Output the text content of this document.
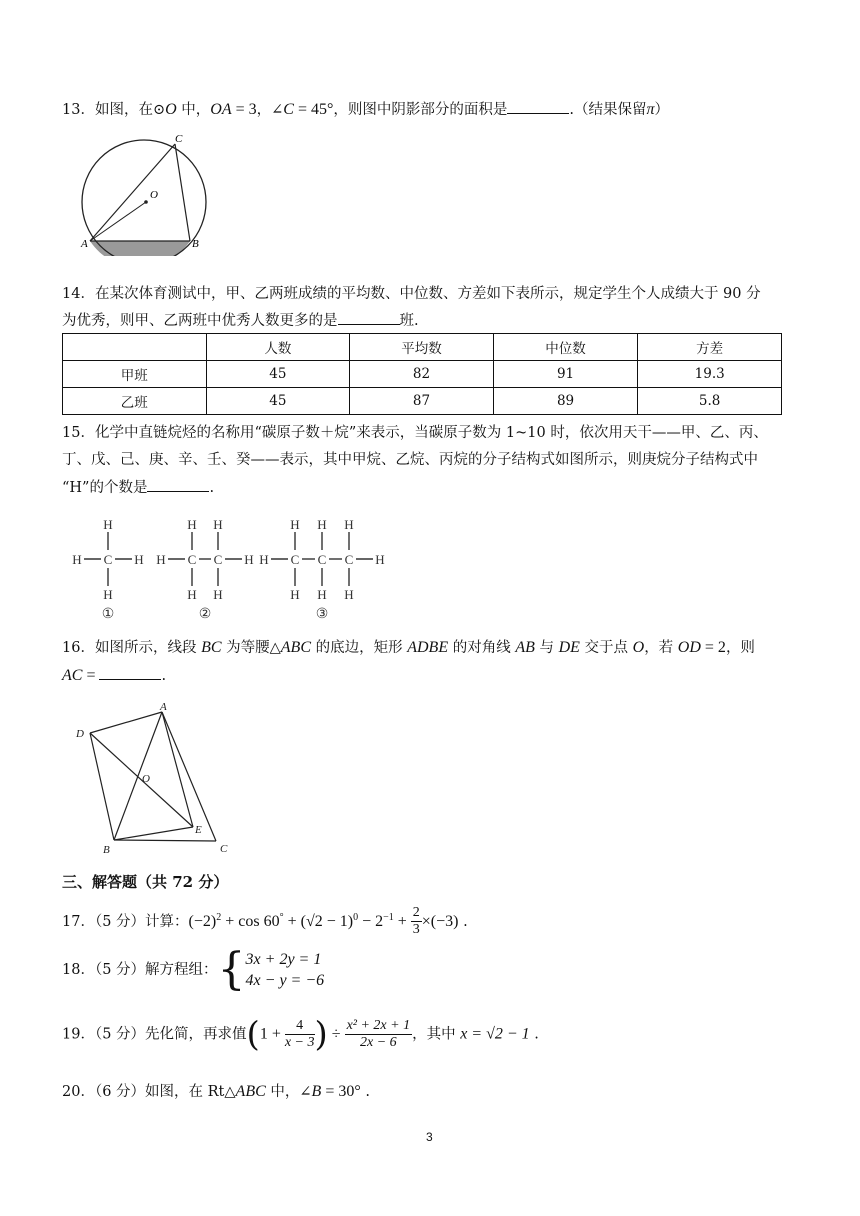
13．如图，在⊙O 中，OA = 3，∠C = 45°，则图中阴影部分的面积是	.（结果保留π）
C
O
A	B
14．在某次体育测试中，甲、乙两班成绩的平均数、中位数、方差如下表所示，规定学生个人成绩大于 90 分
为优秀，则甲、乙两班中优秀人数更多的是	班.
	人数	平均数	中位数	方差
甲班	45	82	91	19.3
乙班	45	87	89	5.8
15．化学中直链烷烃的名称用“碳原子数＋烷”来表示，当碳原子数为 1~10 时，依次用天干——甲、乙、丙、
丁、戊、己、庚、辛、壬、癸——表示，其中甲烷、乙烷、丙烷的分子结构式如图所示，则庚烷分子结构式中
“H”的个数是	.
H
C
H
H	H
H H
H C C H
H H
H H H
H C C C H
H H H
①	②	③
16．如图所示，线段 BC 为等腰△ABC 的底边，矩形 ADBE 的对角线 AB 与 DE 交于点 O，若 OD = 2，则
AC =	.
A
D
O
E
B	C
三、解答题（共 72 分）
17．（5 分）计算：$(-2)^2 + \cos 60^\circ + (√2 - 1)^0 - 2^{-1} + \frac{2}{3} \times(-3)$ .
18．（5 分）解方程组：{ 3x + 2y = 1
4x − y = −6
19．（5 分）先化简，再求值($1 + \frac{4}{x - 3}$ ) ÷ $\frac{\text{x² + 2x + 1}}{2x - 6}$ ，其中 x = √2 − 1 .
20．（6 分）如图，在 Rt△ABC 中，∠B = 30° .
3
